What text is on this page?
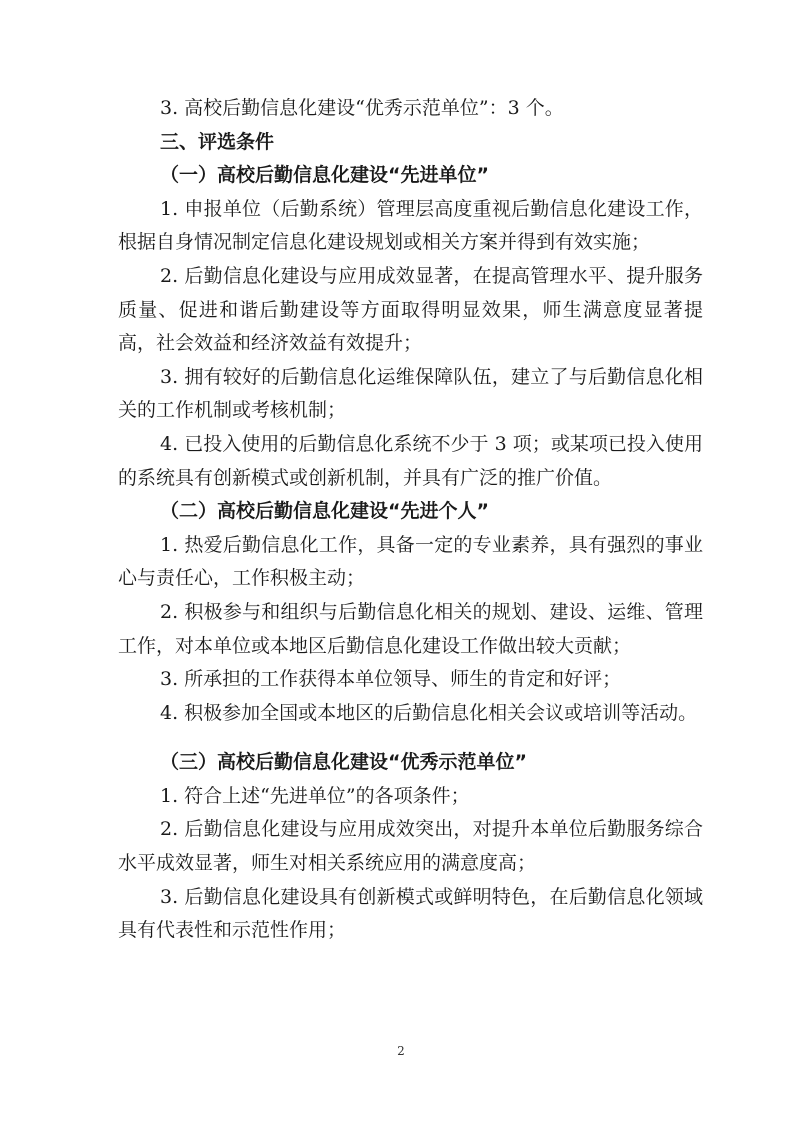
3. 高校后勤信息化建设“优秀示范单位”：3 个。

三、评选条件

（一）高校后勤信息化建设“先进单位”

1. 申报单位（后勤系统）管理层高度重视后勤信息化建设工作，根据自身情况制定信息化建设规划或相关方案并得到有效实施；

2. 后勤信息化建设与应用成效显著，在提高管理水平、提升服务质量、促进和谐后勤建设等方面取得明显效果，师生满意度显著提高，社会效益和经济效益有效提升；

3. 拥有较好的后勤信息化运维保障队伍，建立了与后勤信息化相关的工作机制或考核机制；

4. 已投入使用的后勤信息化系统不少于 3 项；或某项已投入使用的系统具有创新模式或创新机制，并具有广泛的推广价值。

（二）高校后勤信息化建设“先进个人”

1. 热爱后勤信息化工作，具备一定的专业素养，具有强烈的事业心与责任心，工作积极主动；

2. 积极参与和组织与后勤信息化相关的规划、建设、运维、管理工作，对本单位或本地区后勤信息化建设工作做出较大贡献；

3. 所承担的工作获得本单位领导、师生的肯定和好评；

4. 积极参加全国或本地区的后勤信息化相关会议或培训等活动。

（三）高校后勤信息化建设“优秀示范单位”

1. 符合上述“先进单位”的各项条件；

2. 后勤信息化建设与应用成效突出，对提升本单位后勤服务综合水平成效显著，师生对相关系统应用的满意度高；

3. 后勤信息化建设具有创新模式或鲜明特色，在后勤信息化领域具有代表性和示范性作用；

2
